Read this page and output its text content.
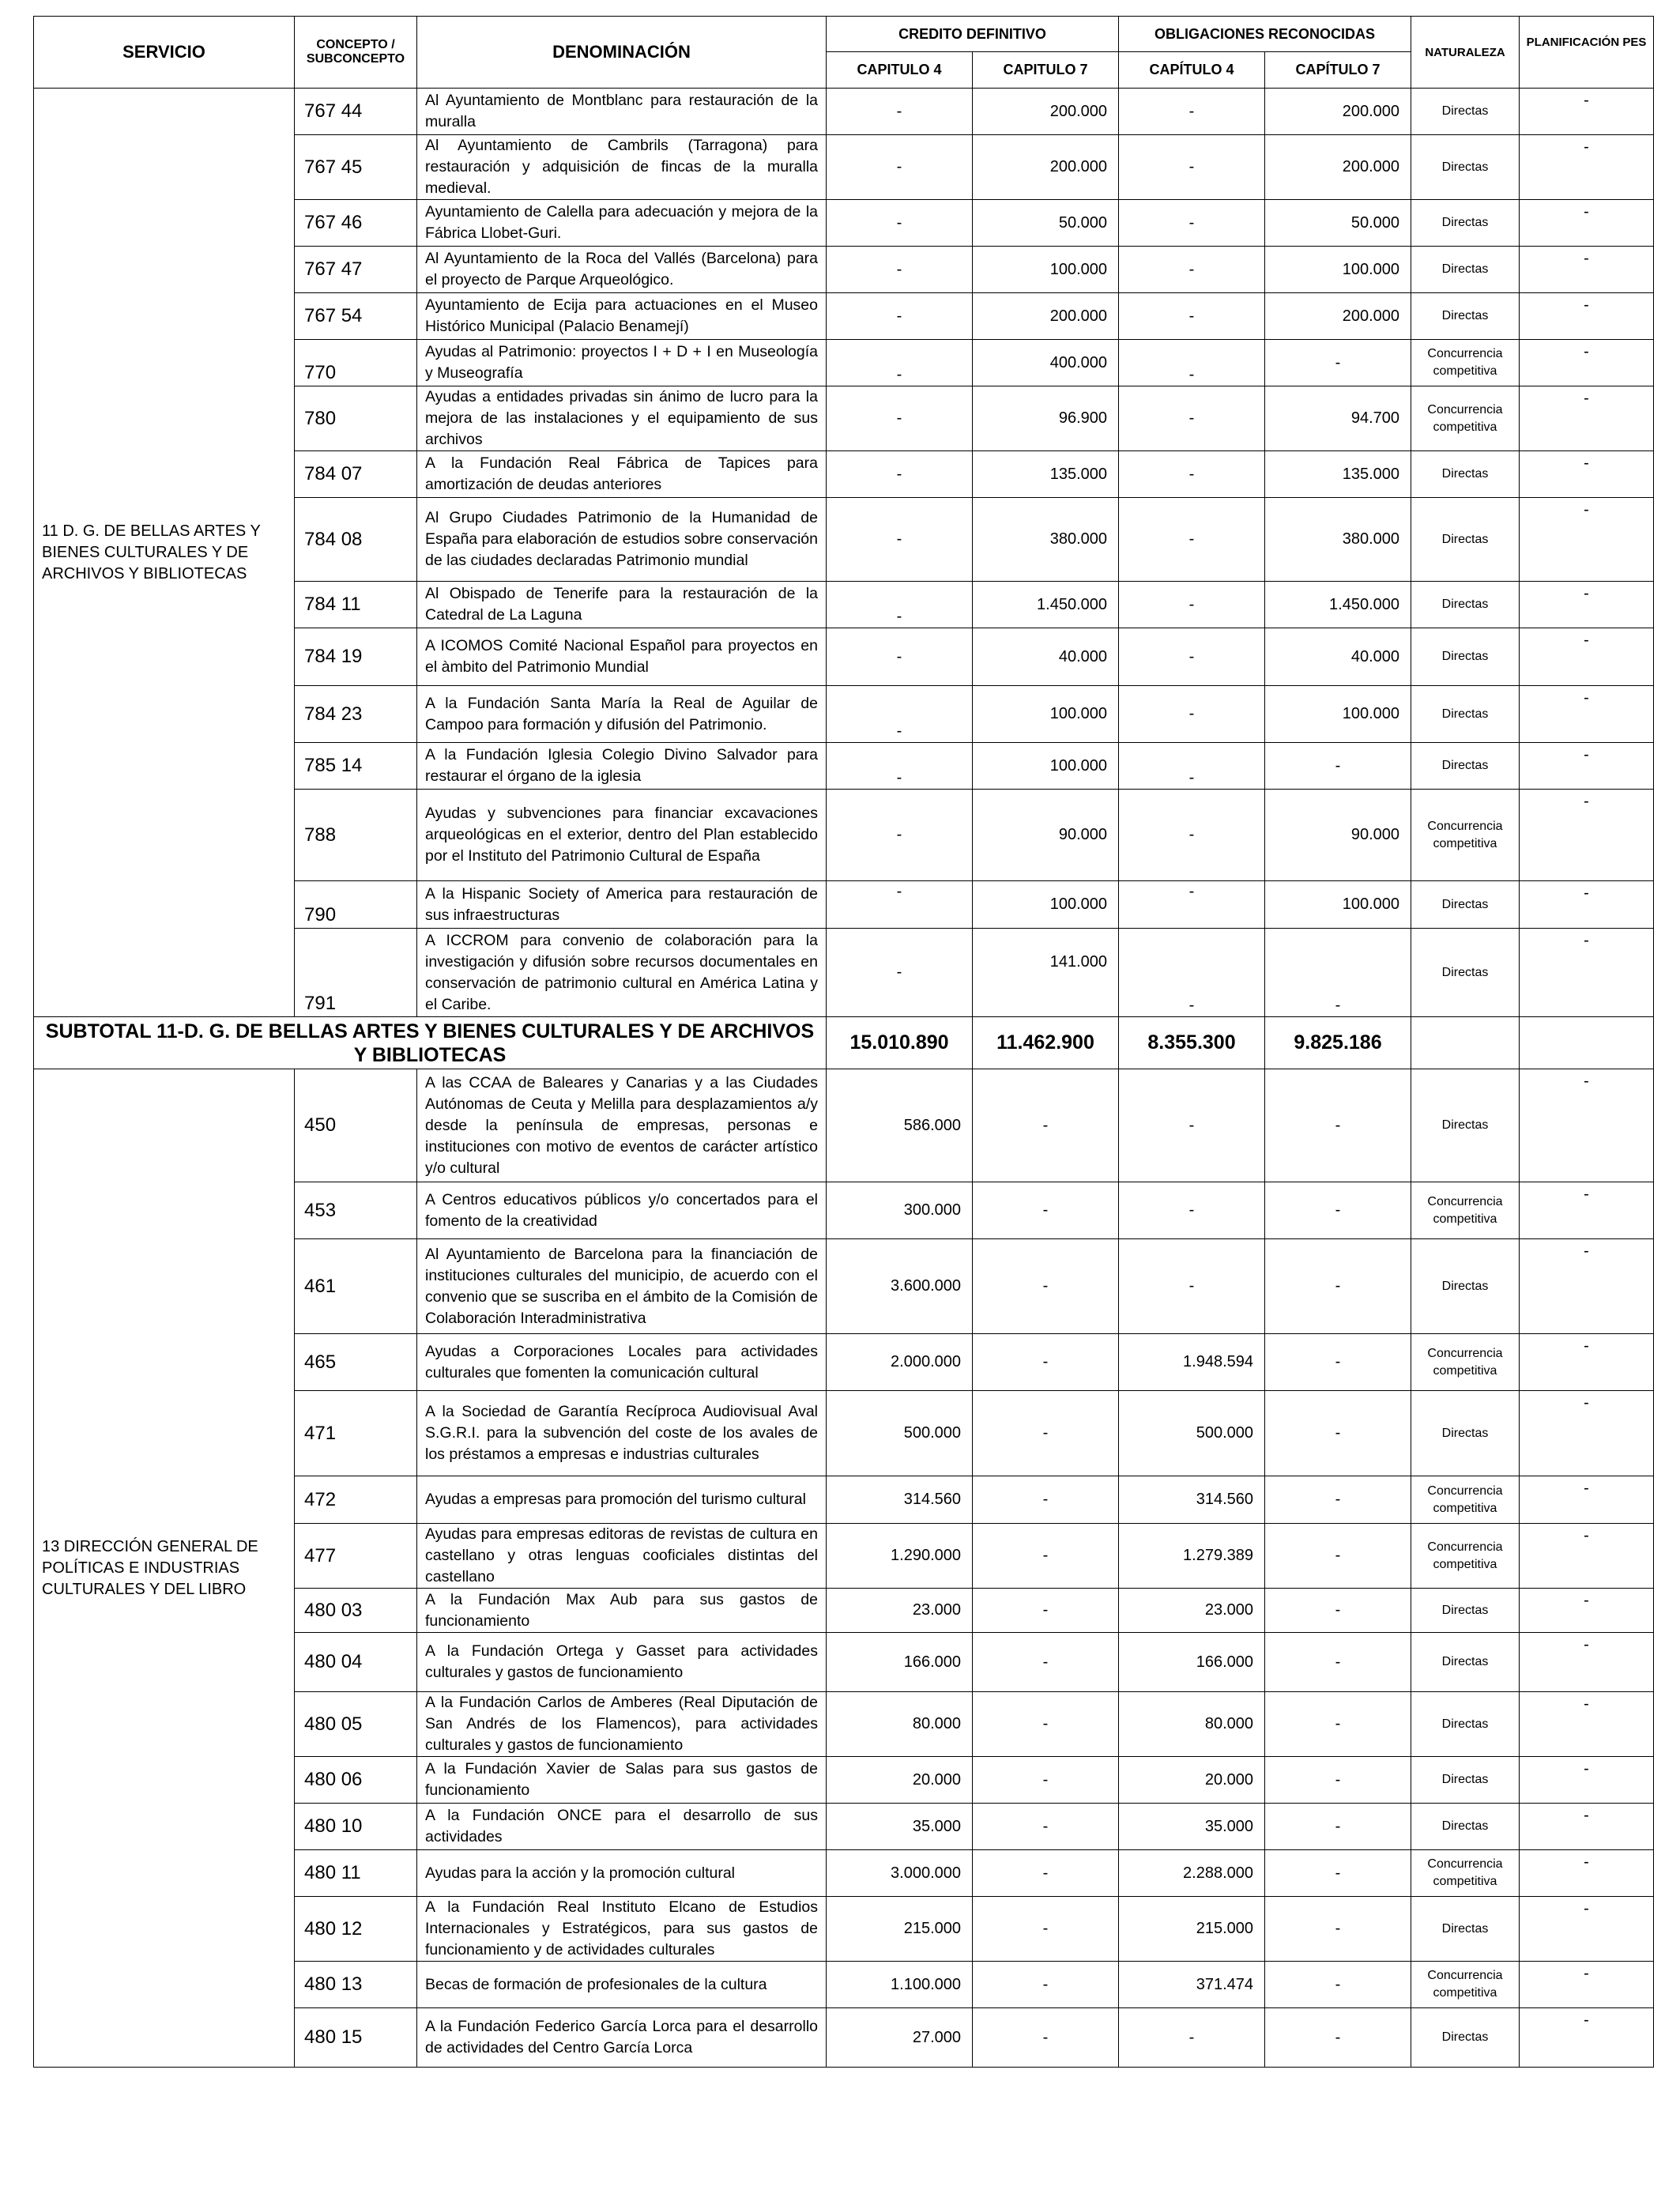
SERVICIO	CONCEPTO / SUBCONCEPTO	DENOMINACIÓN	CREDITO DEFINITIVO		OBLIGACIONES RECONOCIDAS		NATURALEZA	PLANIFICACIÓN PES
			CAPITULO 4	CAPITULO 7	CAPÍTULO 4	CAPÍTULO 7		
11 D. G. DE BELLAS ARTES Y BIENES CULTURALES Y DE ARCHIVOS Y BIBLIOTECAS	767 44	Al Ayuntamiento de Montblanc para restauración de la muralla	-	200.000	-	200.000	Directas	-
	767 45	Al Ayuntamiento de Cambrils (Tarragona) para restauración y adquisición de fincas de la muralla medieval.	-	200.000	-	200.000	Directas	-
	767 46	Ayuntamiento de Calella para adecuación y mejora de la Fábrica Llobet-Guri.	-	50.000	-	50.000	Directas	-
	767 47	Al Ayuntamiento de la Roca del Vallés (Barcelona) para el proyecto de Parque Arqueológico.	-	100.000	-	100.000	Directas	-
	767 54	Ayuntamiento de Ecija para actuaciones en el Museo Histórico Municipal (Palacio Benamejí)	-	200.000	-	200.000	Directas	-
	770	Ayudas al Patrimonio: proyectos I + D + I en Museología y Museografía	-	400.000	-	-	Concurrencia competitiva	-
	780	Ayudas a entidades privadas sin ánimo de lucro para la mejora de las instalaciones y el equipamiento de sus archivos	-	96.900	-	94.700	Concurrencia competitiva	-
	784 07	A la Fundación Real Fábrica de Tapices para amortización de deudas anteriores	-	135.000	-	135.000	Directas	-
	784 08	Al Grupo Ciudades Patrimonio de la Humanidad de España para elaboración de estudios sobre conservación de las ciudades declaradas Patrimonio mundial	-	380.000	-	380.000	Directas	-
	784 11	Al Obispado de Tenerife para la restauración de la Catedral de La Laguna	-	1.450.000	-	1.450.000	Directas	-
	784 19	A ICOMOS Comité Nacional Español para proyectos en el àmbito del Patrimonio Mundial	-	40.000	-	40.000	Directas	-
	784 23	A la Fundación Santa María la Real de Aguilar de Campoo para formación y difusión del Patrimonio.	-	100.000	-	100.000	Directas	-
	785 14	A la Fundación Iglesia Colegio Divino Salvador para restaurar el órgano de la iglesia	-	100.000	-	-	Directas	-
	788	Ayudas y subvenciones para financiar excavaciones arqueológicas en el exterior, dentro del Plan establecido por el Instituto del Patrimonio Cultural de España	-	90.000	-	90.000	Concurrencia competitiva	-
	790	A la Hispanic Society of America para restauración de sus infraestructuras	-	100.000	-	100.000	Directas	-
	791	A ICCROM para convenio de colaboración para la investigación y difusión sobre recursos documentales en conservación de patrimonio cultural en América Latina y el Caribe.	-	141.000	-	-	Directas	-
SUBTOTAL 11-D. G. DE BELLAS ARTES Y BIENES CULTURALES Y DE ARCHIVOS Y BIBLIOTECAS			15.010.890	11.462.900	8.355.300	9.825.186		
13 DIRECCIÓN GENERAL DE POLÍTICAS E INDUSTRIAS CULTURALES Y DEL LIBRO	450	A las CCAA de Baleares y Canarias y a las Ciudades Autónomas de Ceuta y Melilla para desplazamientos a/y desde la península de empresas, personas e instituciones con motivo de eventos de carácter artístico y/o cultural	586.000	-	-	-	Directas	-
	453	A Centros educativos públicos y/o concertados para el fomento de la creatividad	300.000	-	-	-	Concurrencia competitiva	-
	461	Al Ayuntamiento de Barcelona para la financiación de instituciones culturales del municipio, de acuerdo con el convenio que se suscriba en el ámbito de la Comisión de Colaboración Interadministrativa	3.600.000	-	-	-	Directas	-
	465	Ayudas a Corporaciones Locales para actividades culturales que fomenten la comunicación cultural	2.000.000	-	1.948.594	-	Concurrencia competitiva	-
	471	A la Sociedad de Garantía Recíproca Audiovisual Aval S.G.R.I. para la subvención del coste de los avales de los préstamos a empresas e industrias culturales	500.000	-	500.000	-	Directas	-
	472	Ayudas a empresas para promoción del turismo cultural	314.560	-	314.560	-	Concurrencia competitiva	-
	477	Ayudas para empresas editoras de revistas de cultura en castellano y otras lenguas cooficiales distintas del castellano	1.290.000	-	1.279.389	-	Concurrencia competitiva	-
	480 03	A la Fundación Max Aub para sus gastos de funcionamiento	23.000	-	23.000	-	Directas	-
	480 04	A la Fundación Ortega y Gasset para actividades culturales y gastos de funcionamiento	166.000	-	166.000	-	Directas	-
	480 05	A la Fundación Carlos de Amberes (Real Diputación de San Andrés de los Flamencos), para actividades culturales y gastos de funcionamiento	80.000	-	80.000	-	Directas	-
	480 06	A la Fundación Xavier de Salas para sus gastos de funcionamiento	20.000	-	20.000	-	Directas	-
	480 10	A la Fundación ONCE para el desarrollo de sus actividades	35.000	-	35.000	-	Directas	-
	480 11	Ayudas para la acción y la promoción cultural	3.000.000	-	2.288.000	-	Concurrencia competitiva	-
	480 12	A la Fundación Real Instituto Elcano de Estudios Internacionales y Estratégicos, para sus gastos de funcionamiento y de actividades culturales	215.000	-	215.000	-	Directas	-
	480 13	Becas de formación de profesionales de la cultura	1.100.000	-	371.474	-	Concurrencia competitiva	-
	480 15	A la Fundación Federico García Lorca para el desarrollo de actividades del Centro García Lorca	27.000	-	-	-	Directas	-
